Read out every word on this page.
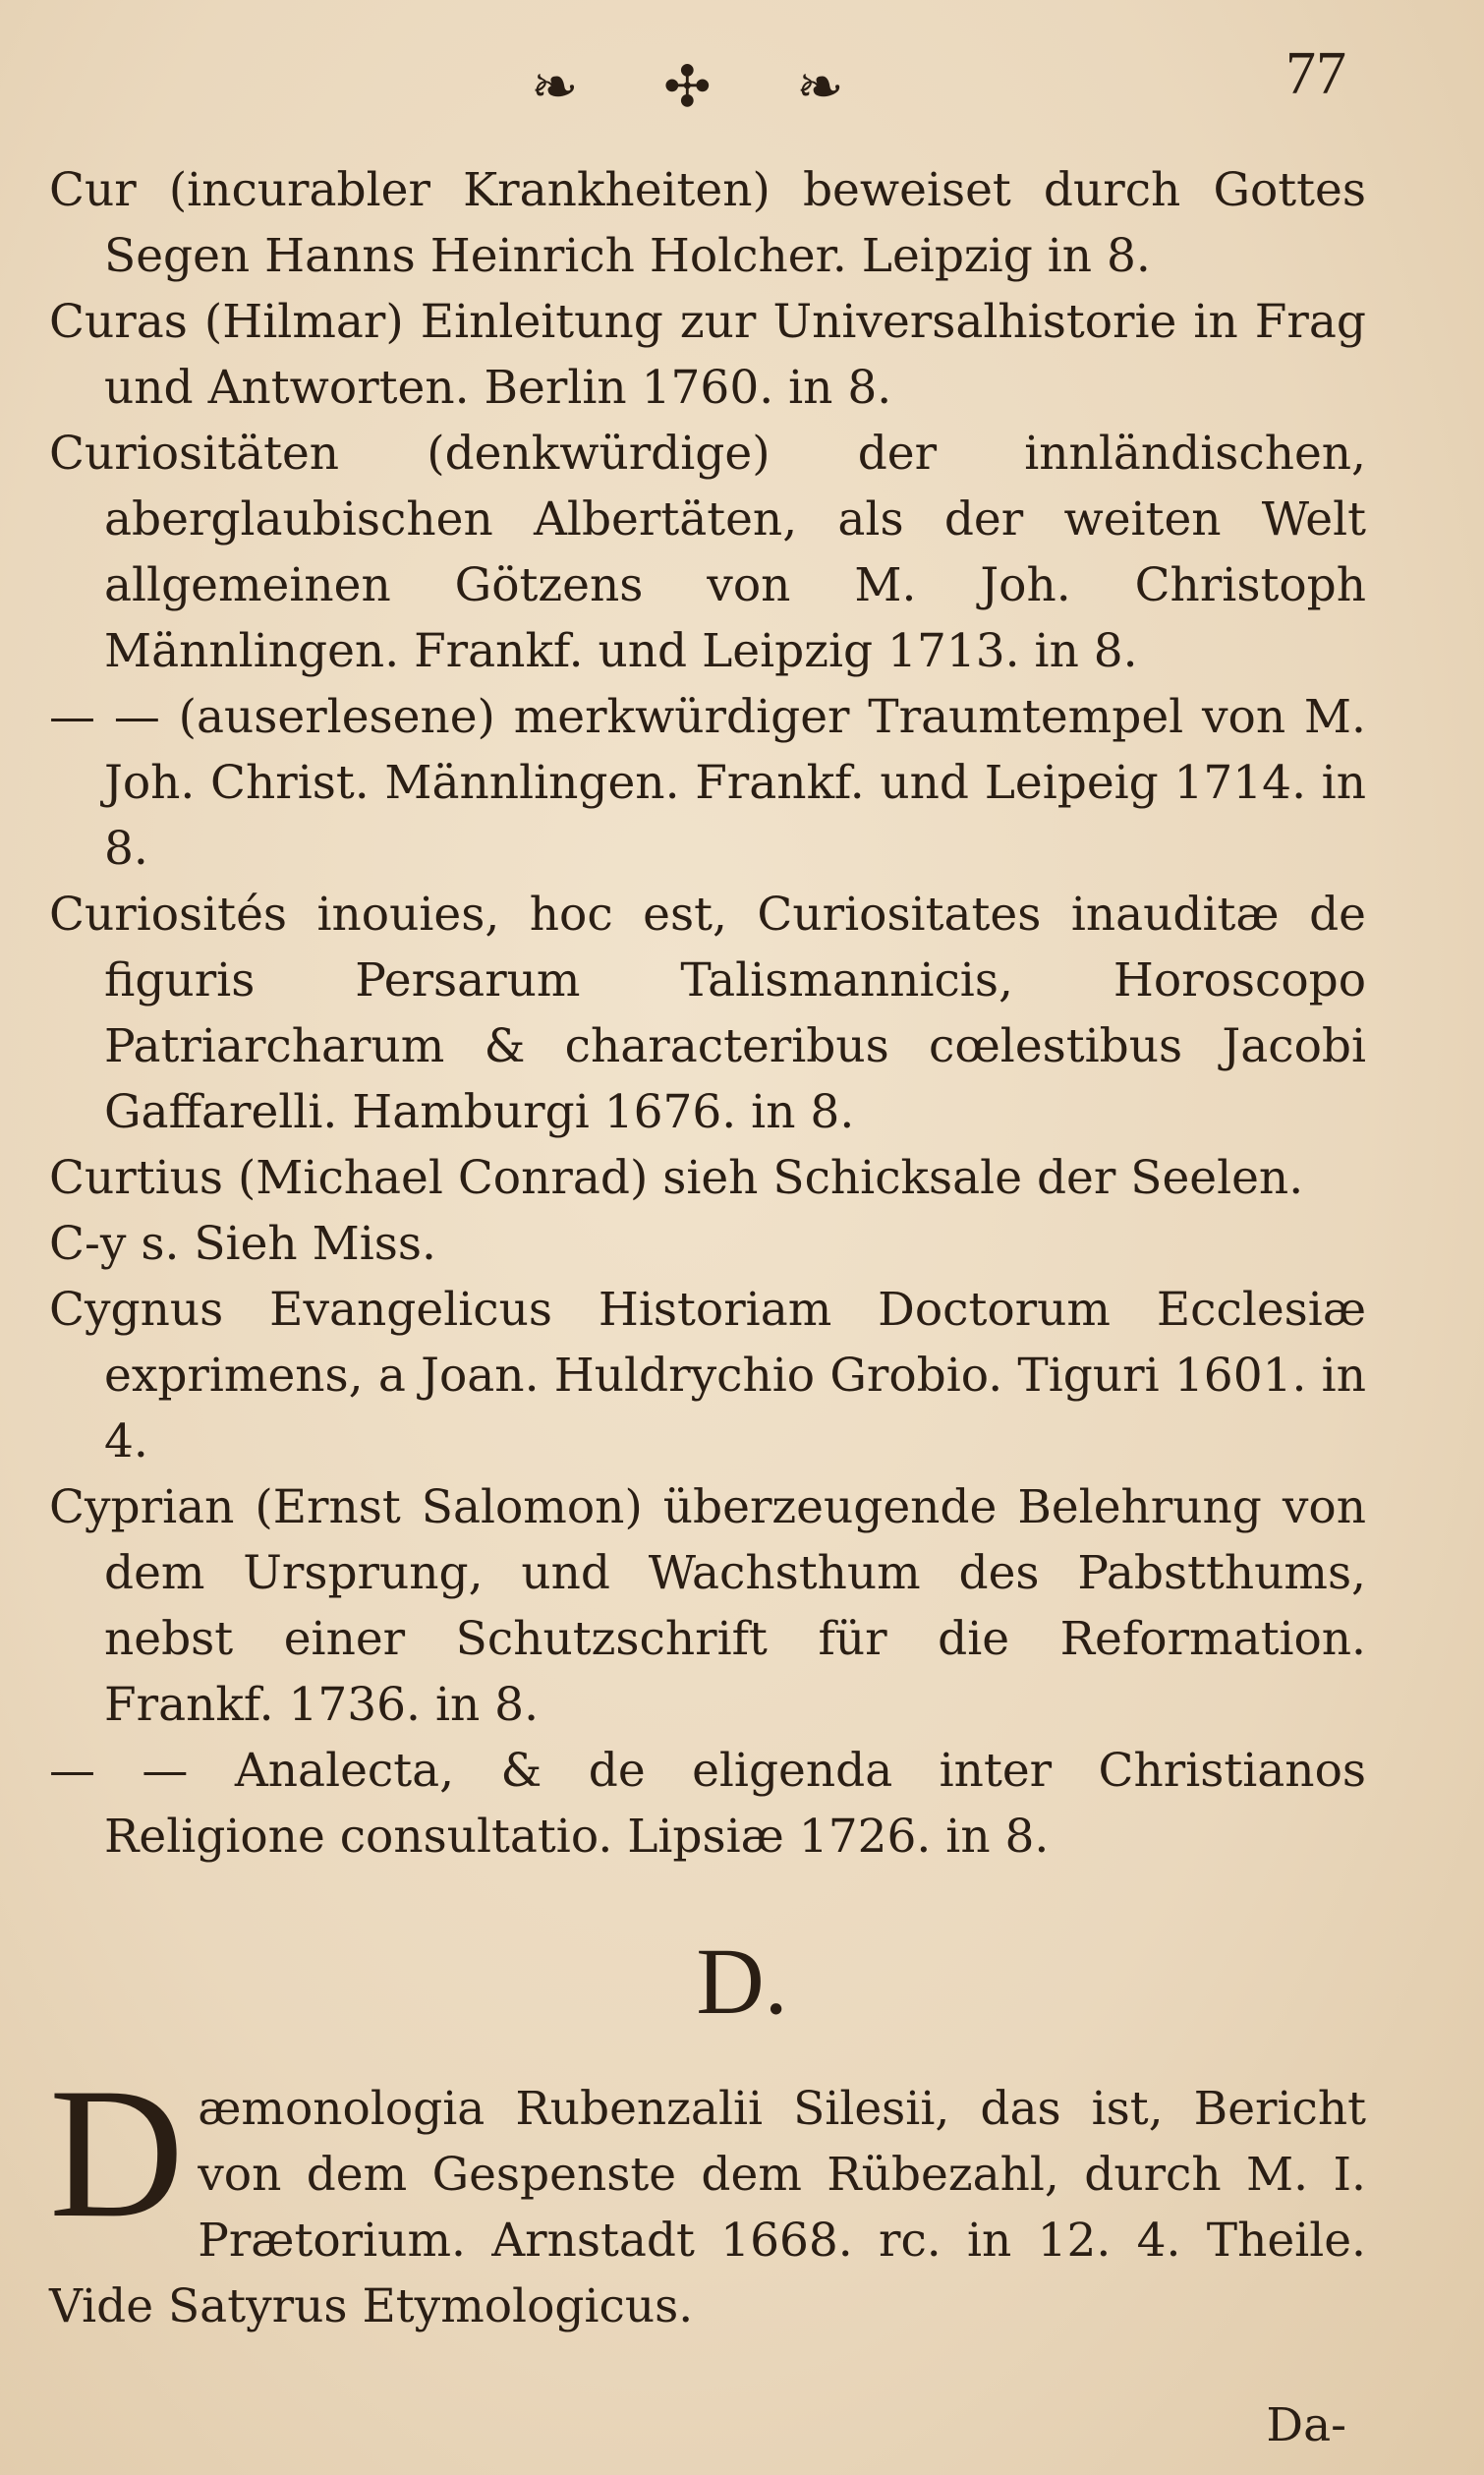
❧ ✣ ❧	77
Cur (incurabler Krankheiten) beweiset durch Gottes Segen Hanns Heinrich Holcher. Leipzig in 8.
Curas (Hilmar) Einleitung zur Universalhistorie in Frag und Antworten. Berlin 1760. in 8.
Curiositäten (denkwürdige) der innländischen, aberglaubischen Albertäten, als der weiten Welt allgemeinen Götzens von M. Joh. Christoph Männlingen. Frankf. und Leipzig 1713. in 8.
— — (auserlesene) merkwürdiger Traumtempel von M. Joh. Christ. Männlingen. Frankf. und Leipeig 1714. in 8.
Curiosités inouies, hoc est, Curiositates inauditæ de figuris Persarum Talismannicis, Horoscopo Patriarcharum & characteribus cœlestibus Jacobi Gaffarelli. Hamburgi 1676. in 8.
Curtius (Michael Conrad) sieh Schicksale der Seelen.
C-y s. Sieh Miss.
Cygnus Evangelicus Historiam Doctorum Ecclesiæ exprimens, a Joan. Huldrychio Grobio. Tiguri 1601. in 4.
Cyprian (Ernst Salomon) überzeugende Belehrung von dem Ursprung, und Wachsthum des Pabstthums, nebst einer Schutzschrift für die Reformation. Frankf. 1736. in 8.
— — Analecta, & de eligenda inter Christianos Religione consultatio. Lipsiæ 1726. in 8.
D.

Dæmonologia Rubenzalii Silesii, das ist, Bericht von dem Gespenste dem Rübezahl, durch M. I. Prætorium. Arnstadt 1668. rc. in 12. 4. Theile. Vide Satyrus Etymologicus.

Da-
